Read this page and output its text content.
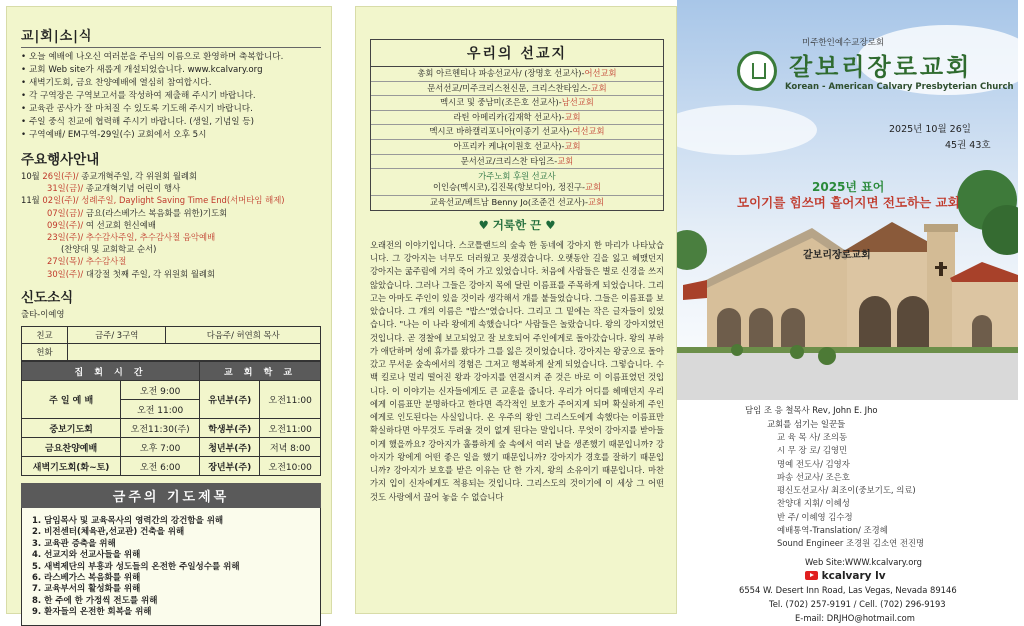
교|회|소|식
• 오늘 예배에 나오신 여러분을 주님의 이름으로 환영하며 축복합니다.
• 교회 Web site가 새롭게 개설되었습니다. www.kcalvary.org
• 새벽기도회, 금요 찬양예배에 열심히 참여합시다.
• 각 구역장은 구역보고서를 작성하여 제출해 주시기 바랍니다.
• 교육관 공사가 잘 마쳐질 수 있도록 기도해 주시기 바랍니다.
• 주일 중식 친교에 협력해 주시기 바랍니다. (생일, 기념일 등)
• 구역예배/ EM구역-29일(수) 교회에서 오후 5시
주요행사안내
10월 26일(주)/ 종교개혁주일, 각 위원회 월례회
31일(금)/ 종교개혁기념 어린이 행사
11월 02일(주)/ 성례주일, Daylight Saving Time End(서머타임 해제)
07일(금)/ 금요(라스베가스 복음화를 위한)기도회
09일(주)/ 여 선교회 헌신예배
23일(주)/ 추수감사주일, 추수감사절 음악예배
(찬양대 및 교회학교 순서)
27일(목)/ 추수감사절
30일(주)/ 대강절 첫째 주일, 각 위원회 월례회
신도소식
출타-이예영
친교	금주/ 3구역	다음주/ 허연희 목사
헌화		
집 회 시 간		교 회 학 교	
주 일 예 배	오전 9:00	유년부(주)	오전11:00
	오전 11:00		
중보기도회	오전11:30(주)	학생부(주)	오전11:00
금요찬양예배	오후 7:00	청년부(주)	저녁 8:00
새벽기도회(화~토)	오전 6:00	장년부(주)	오전10:00
금주의 기도제목
1. 담임목사 및 교육목사의 영력간의 강건함을 위해
2. 비전센터(체육관,선교관) 건축을 위해
3. 교육관 증축을 위해
4. 선교지와 선교사들을 위해
5. 새벽제단의 부흥과 성도들의 온전한 주일성수를 위해
6. 라스베가스 복음화를 위해
7. 교육부서의 활성화를 위해
8. 한 주에 한 가정씩 전도를 위해
9. 환자들의 온전한 회복을 위해
우리의 선교지
총회 아르헨티나 파송선교사/ (장명호 선교사)-어선교회
문서선교/미주크리스천신문, 크리스찬타임스-교회
멕시코 및 중남미(조은호 선교사)-남선교회
라틴 아메리카(김재학 선교사)-교회
멕시코 바하캘리포니아(이종기 선교사)-여선교회
아프리카 케냐(이원호 선교사)-교회
문서선교/크리스찬 타임즈-교회
가주노회 후원 선교사
이인승(멕시코),김진목(항보디아), 정진구-교회
교육선교/베트남 Benny Jo(조준건 선교사)-교회
♥ 거룩한 끈 ♥
오래전의 이야기입니다. 스코틀랜드의 숲속 한 동네에 강아지 한 마리가 나타났습니다. 그 강아지는 너무도 더러웠고 못생겼습니다. 오랫동안 길을 잃고 헤맸던지 강아지는 굶주림에 거의 죽어 가고 있었습니다. 처음에 사람들은 별로 신경을 쓰지 않았습니다. 그러나 그들은 강아지 목에 달린 이름표를 주목하게 되었습니다. 그리고는 아마도 주인이 있을 것이라 생각해서 개를 붙들었습니다. 그들은 이름표를 보았습니다. 그 개의 이름은 "밥스"였습니다. 그리고 그 밑에는 작은 글자들이 있었습니다. "나는 이 나라 왕에게 속했습니다" 사람들은 놀랐습니다. 왕의 강아지였던 것입니다. 곧 경찰에 보고되었고 잘 보호되어 주인에게로 돌아갔습니다. 왕의 부하가 애단하며 성에 휴가를 왔다가 그를 잃은 것이었습니다. 강아지는 왕궁으로 돌아갔고 무서운 숲속에서의 경험은 그저고 행복하게 살게 되었습니다. 그렇습니다. 수백 킬로나 멀리 떨어진 왕과 강아지를 연결시켜 준 것은 바로 이 이름표였던 것입니다. 이 이야기는 신자들에게도 큰 교훈을 줍니다. 우리가 어디를 헤매던지 우리에게 이름표만 분명하다고 한다면 즉각적인 보호가 주어지게 되며 확실하게 주인에게로 인도된다는 사실입니다. 온 우주의 왕인 그리스도에게 속했다는 이름표만 확실하다면 아무것도 두려울 것이 없게 된다는 말입니다. 무엇이 강아지를 받아들이게 했을까요? 강아지가 훌륭하게 숲 속에서 여러 날을 생존했기 때문입니까? 강아지가 왕에게 어떤 좋은 일을 했기 때문입니까? 강아지가 경호를 잘하기 때문입니까? 강아지가 보호를 받은 이유는 단 한 가지, 왕의 소유이기 때문입니다. 마찬가지 입이 신자에게도 적용되는 것입니다. 그리스도의 것이기에 이 세상 그 어떤 것도 사랑에서 끊어 놓을 수 없습니다
갈보리장로교회
미주한인예수교장로회
갈보리장로교회
Korean - American Calvary Presbyterian Church
2025년 10월 26일
45권 43호
2025년 표어
모이기를 힘쓰며 흩어지면 전도하는 교회
담임 조 응 철목사 Rev, John E. Jho
교회를 섬기는 일꾼들
교 육 목 사/ 조의동
시 무 장 로/ 김영민
명예 전도사/ 김영자
파송 선교사/ 조은호
평신도선교사/ 최조이(중보기도, 의료)
찬양대 지휘/ 이혜성
반 주/ 이혜영 김수정
예배통역-Translation/ 조경혜
Sound Engineer 조경원 김소연 전진명
Web Site:WWW.kcalvary.org
kcalvary lv
6554 W. Desert Inn Road, Las Vegas, Nevada 89146
Tel. (702) 257-9191 / Cell. (702) 296-9193
E-mail: DRJHO@hotmail.com
